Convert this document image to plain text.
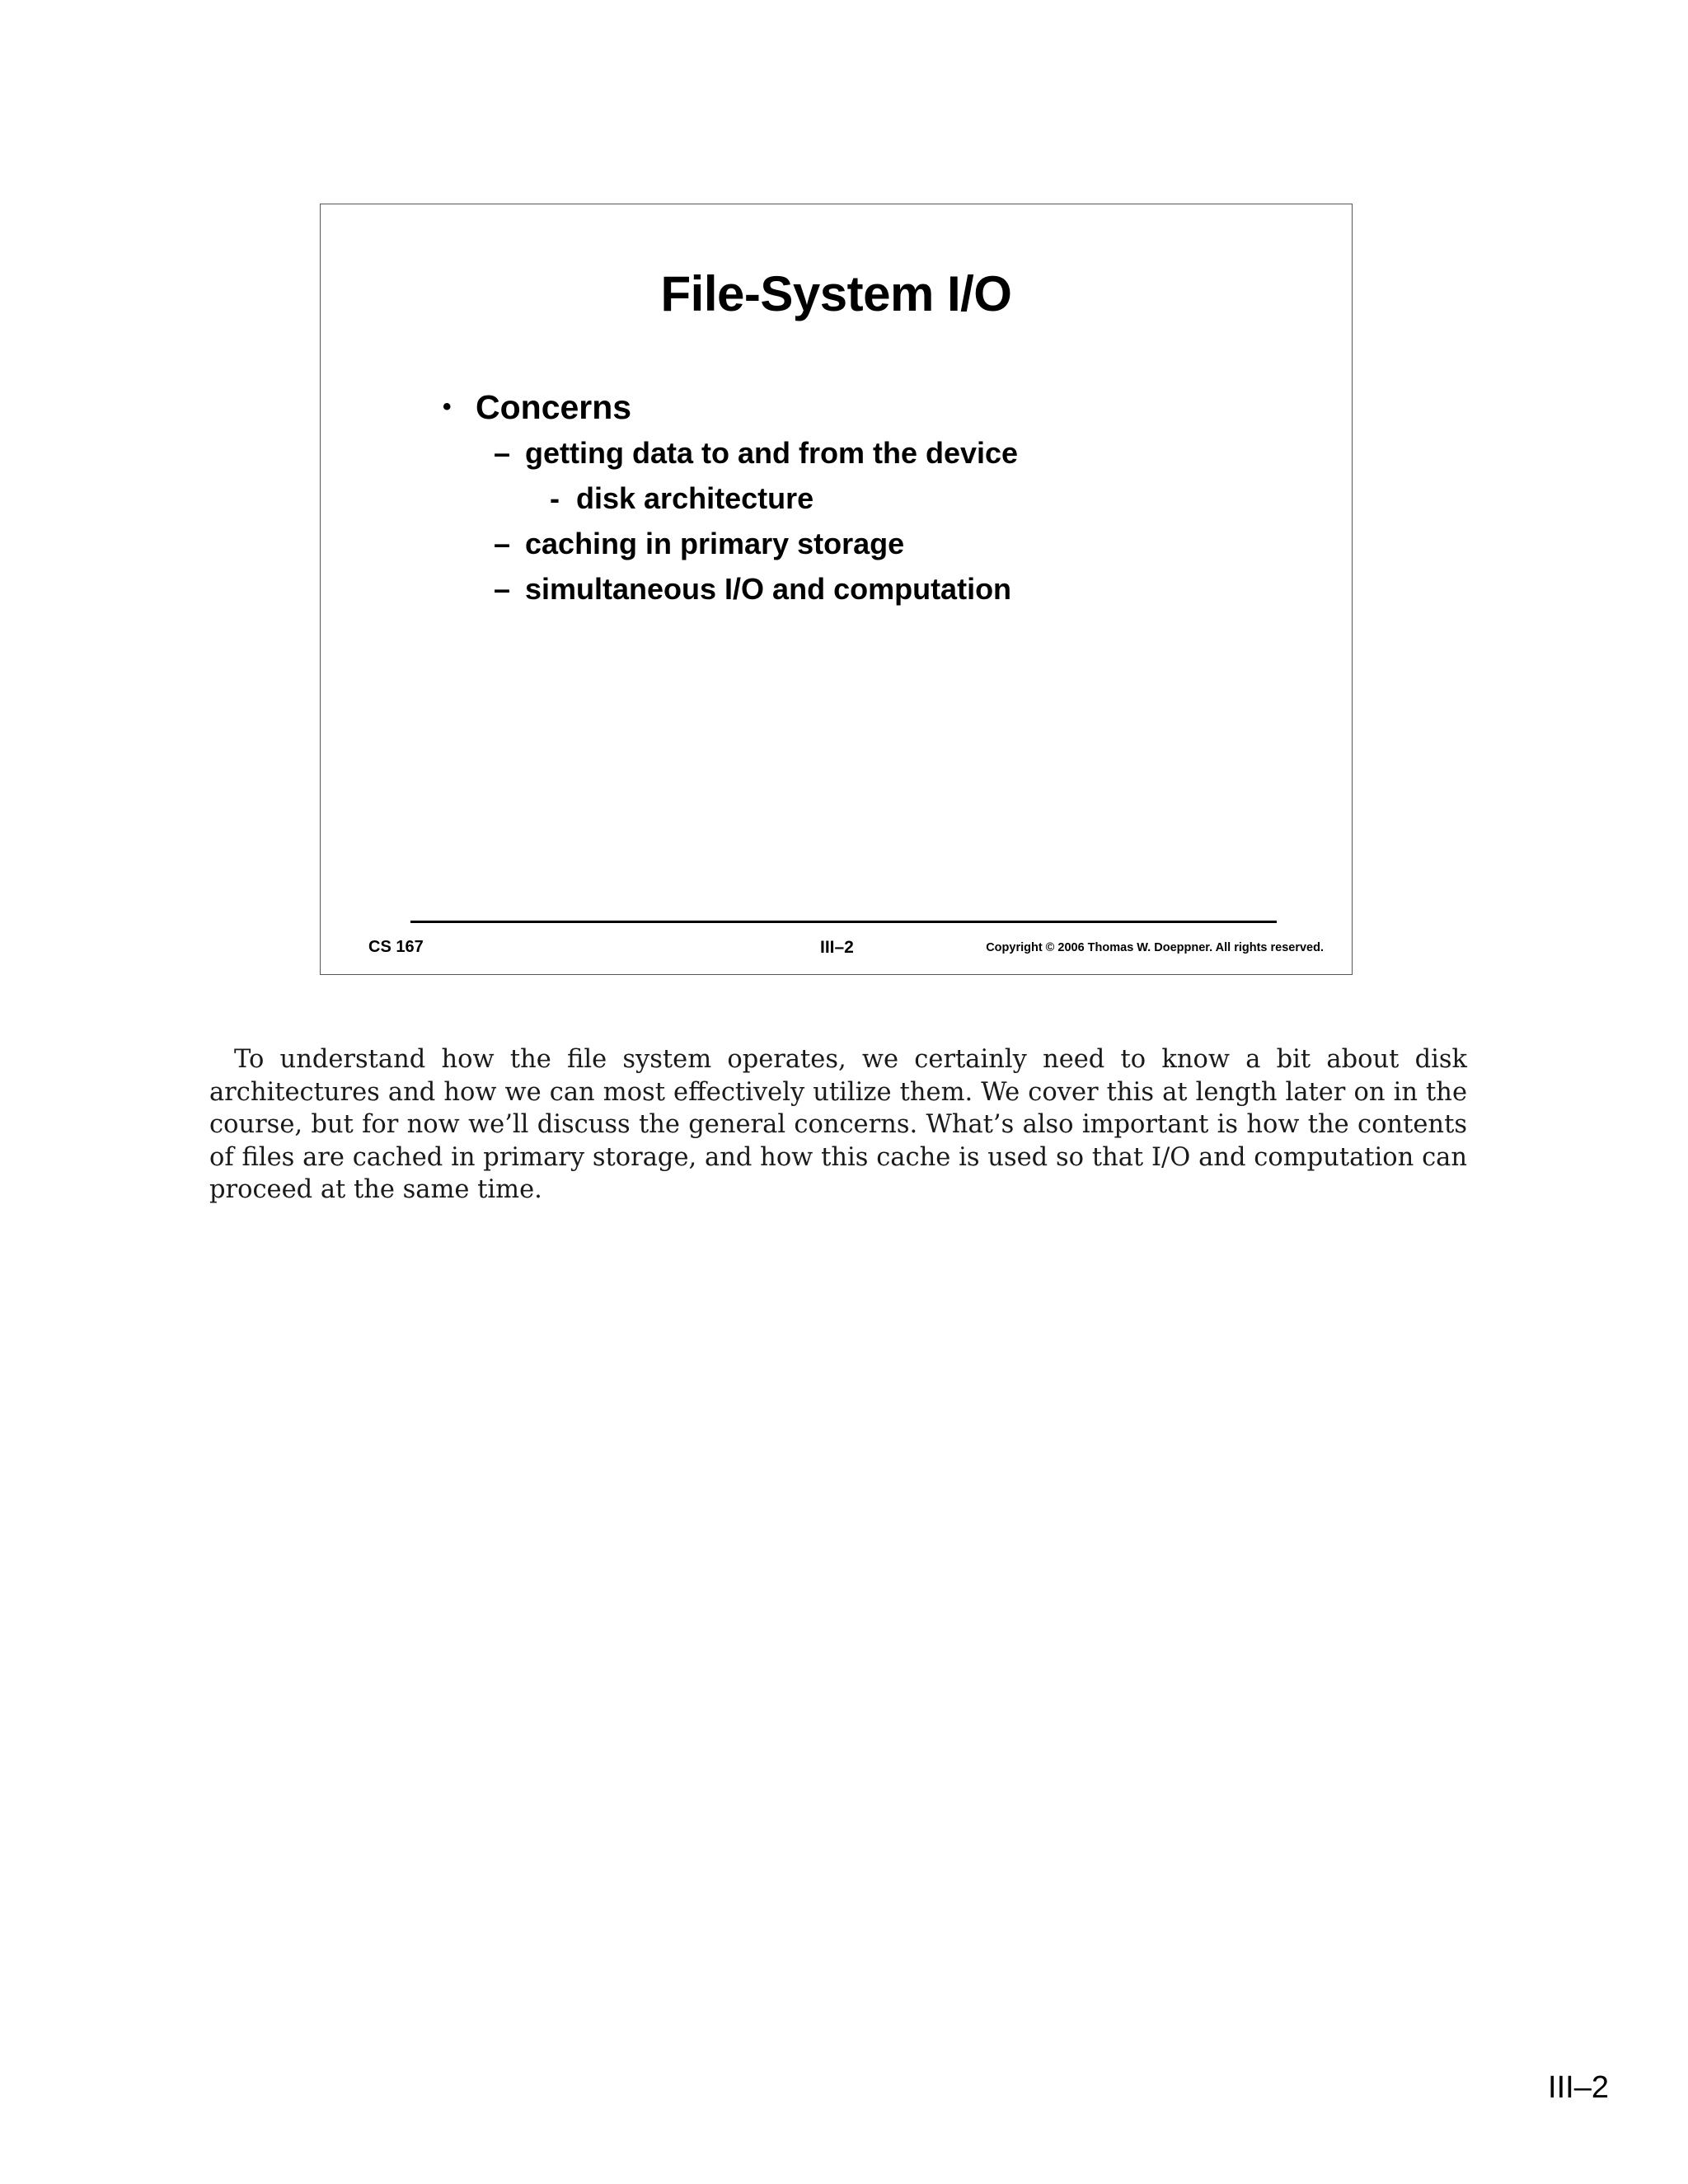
File-System I/O
• Concerns
– getting data to and from the device
- disk architecture
– caching in primary storage
– simultaneous I/O and computation
CS 167	III–2	Copyright © 2006 Thomas W. Doeppner. All rights reserved.

To understand how the file system operates, we certainly need to know a bit about disk architectures and how we can most effectively utilize them. We cover this at length later on in the course, but for now we’ll discuss the general concerns. What’s also important is how the contents of files are cached in primary storage, and how this cache is used so that I/O and computation can proceed at the same time.

III–2
